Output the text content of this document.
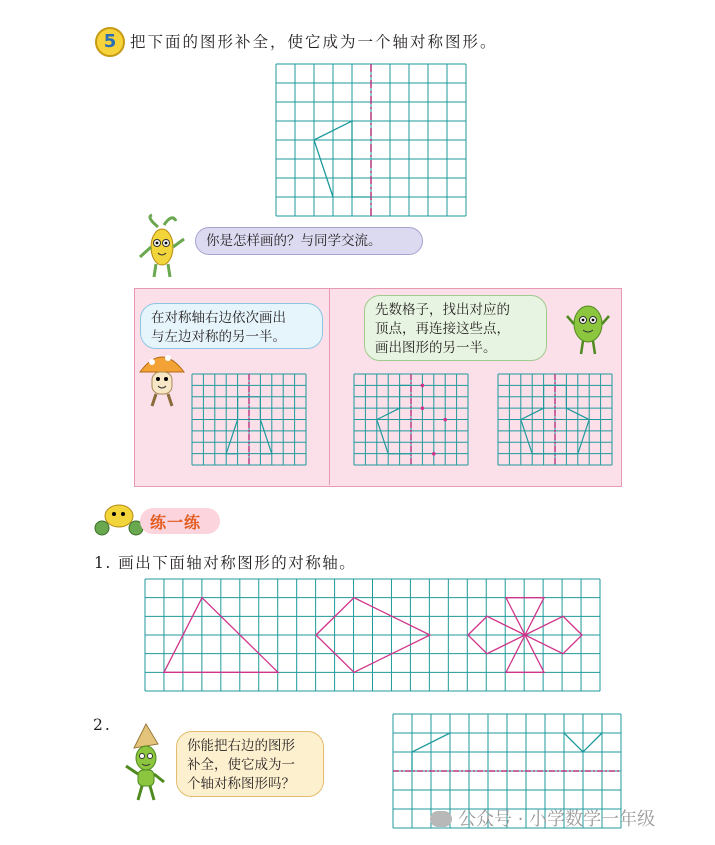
5 把下面的图形补全，使它成为一个轴对称图形。
你是怎样画的？与同学交流。
在对称轴右边依次画出
与左边对称的另一半。
先数格子，找出对应的
顶点，再连接这些点，
画出图形的另一半。
练一练
1. 画出下面轴对称图形的对称轴。
2.
你能把右边的图形
补全，使它成为一
个轴对称图形吗？
公众号 · 小学数学一年级
